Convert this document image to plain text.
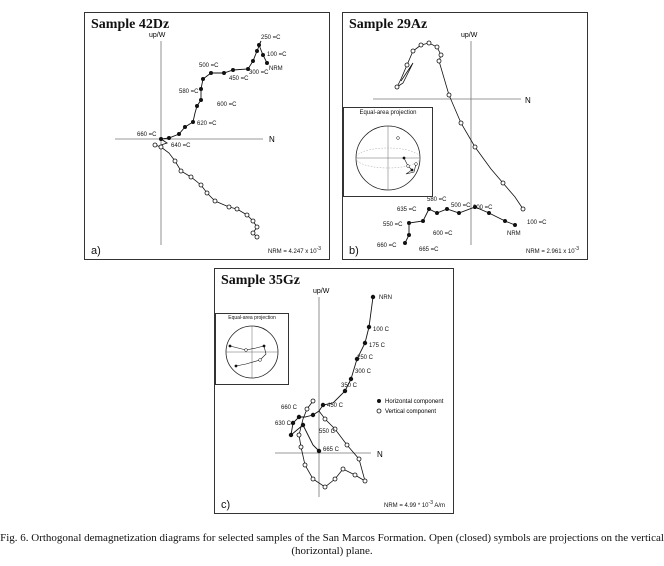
Sample 42Dz
up/W
N
250 =C
100 =C
300 =C
NRM
500 =C
450 =C
580 =C
600 =C
620 =C
660 =C
640 =C
NRM = 4.247 x $10^{-3}$
a)
Sample 29Az
up/W
N
580 =C
500 =C 300 =C
100 =C
NRM
635 =C
550 =C
600 =C
660 =C
665 =C
Equal-area projection
NRM = 2.961 x $10^{-3}$
b)
Sample 35Gz
up/W
N
NRN
100 C
175 C
250 C
300 C
350 C
450 C
660 C
630 C
550 C
665 C
Horizontal component
Vertical component
Equal-area projection
NRM = $4.99 * 10^{-3}$ A/m
c)
Fig. 6. Orthogonal demagnetization diagrams for selected samples of the San Marcos Formation. Open (closed) symbols are projections on the vertical (horizontal) plane.
